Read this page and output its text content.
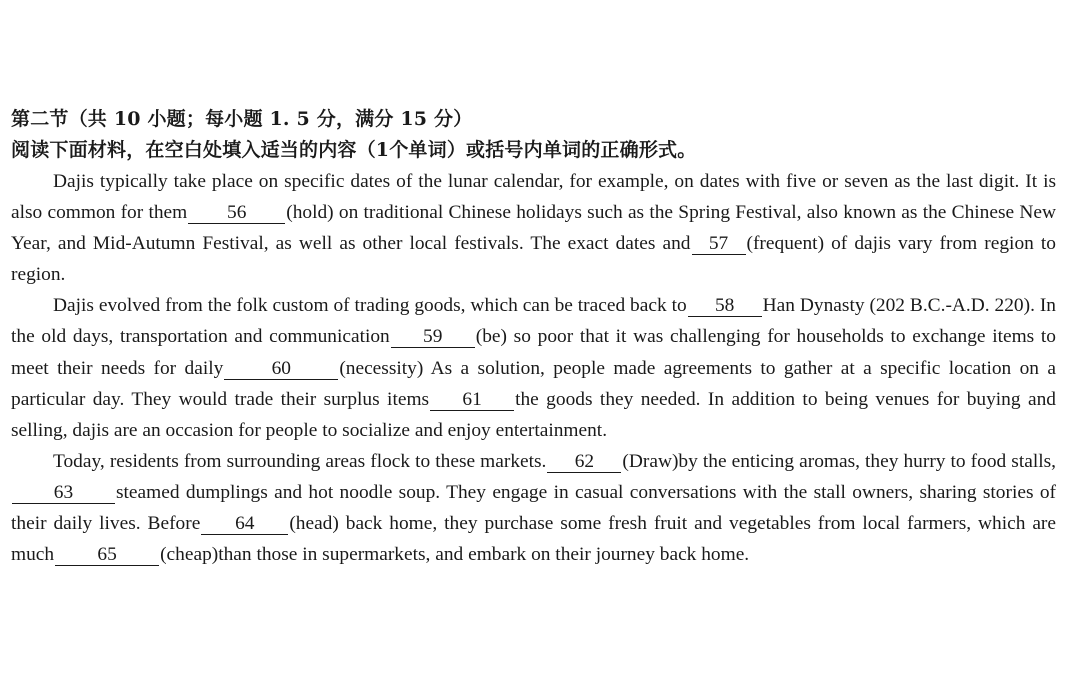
第二节（共 10 小题；每小题 1. 5 分，满分 15 分）
阅读下面材料，在空白处填入适当的内容（1个单词）或括号内单词的正确形式。

Dajis typically take place on specific dates of the lunar calendar, for example, on dates with five or seven as the last digit. It is also common for them 56 (hold) on traditional Chinese holidays such as the Spring Festival, also known as the Chinese New Year, and Mid-Autumn Festival, as well as other local festivals. The exact dates and 57 (frequent) of dajis vary from region to region.

Dajis evolved from the folk custom of trading goods, which can be traced back to 58 Han Dynasty (202 B.C.-A.D. 220). In the old days, transportation and communication 59 (be) so poor that it was challenging for households to exchange items to meet their needs for daily 60 (necessity) As a solution, people made agreements to gather at a specific location on a particular day. They would trade their surplus items 61 the goods they needed. In addition to being venues for buying and selling, dajis are an occasion for people to socialize and enjoy entertainment.

Today, residents from surrounding areas flock to these markets. 62 (Draw)by the enticing aromas, they hurry to food stalls,63 steamed dumplings and hot noodle soup. They engage in casual conversations with the stall owners, sharing stories of their daily lives. Before 64 (head) back home, they purchase some fresh fruit and vegetables from local farmers, which are much 65 (cheap)than those in supermarkets, and embark on their journey back home.
